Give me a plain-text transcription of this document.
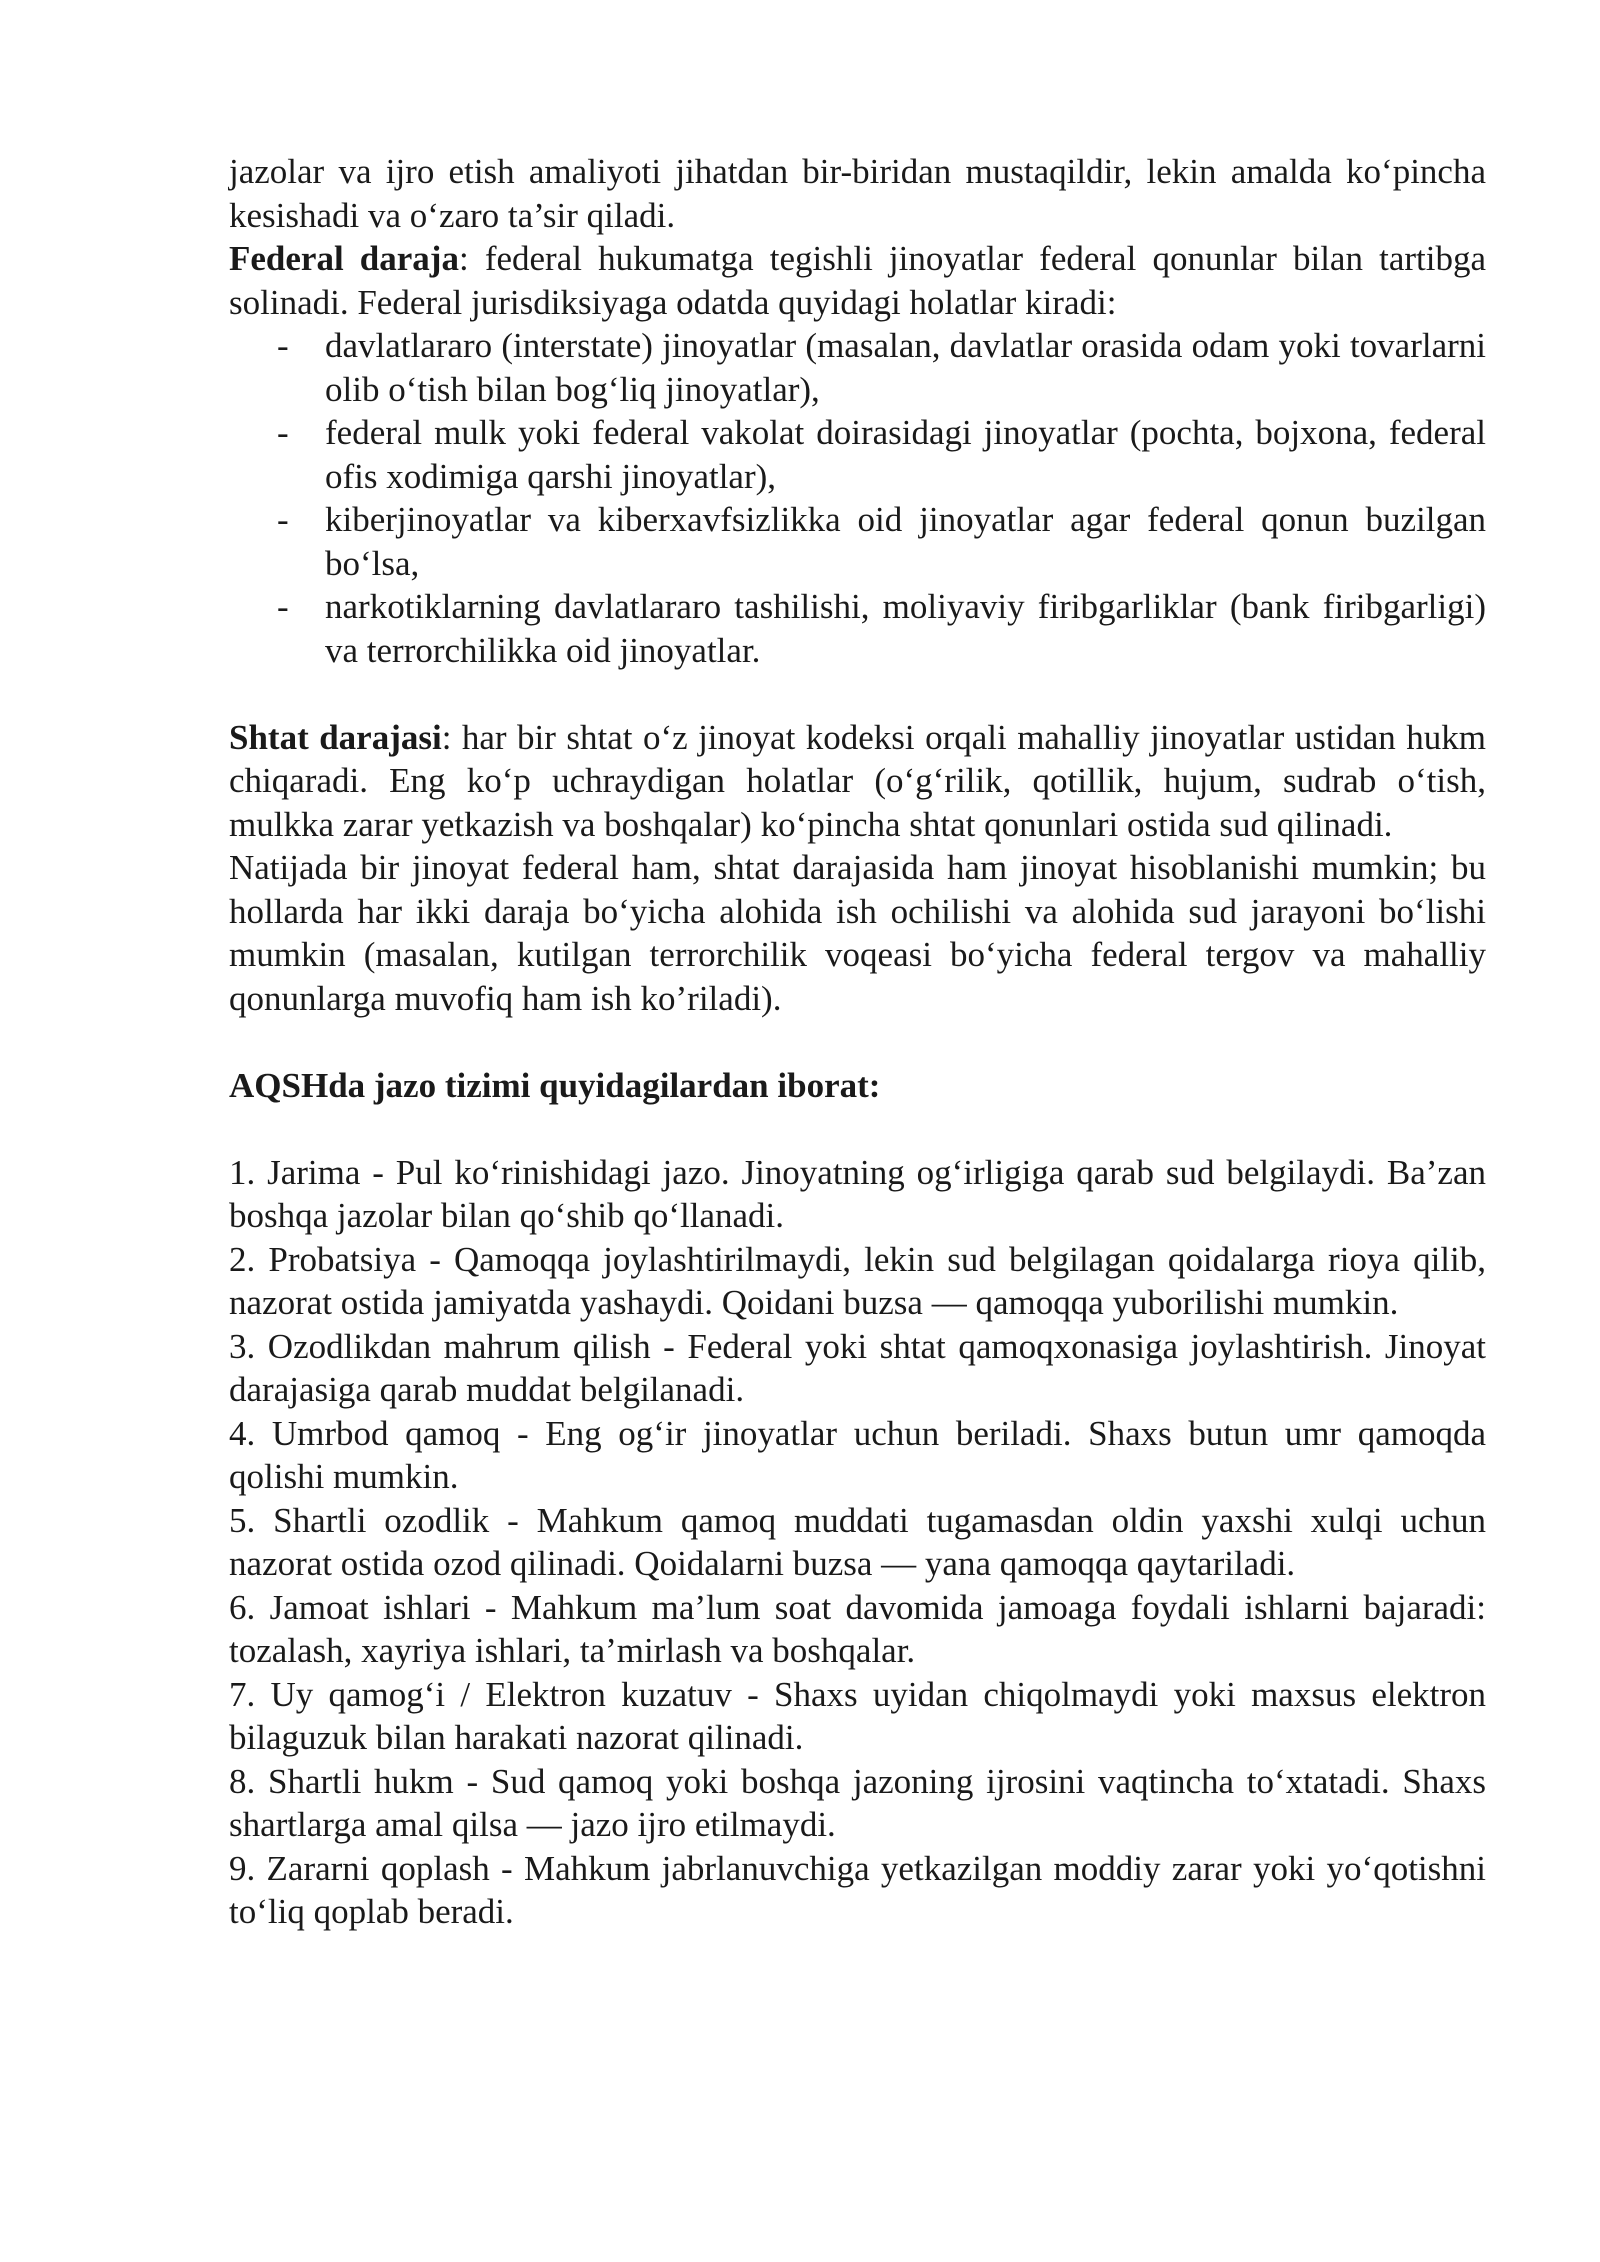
jazolar va ijro etish amaliyoti jihatdan bir-biridan mustaqildir, lekin amalda ko‘pincha kesishadi va o‘zaro ta’sir qiladi.

Federal daraja: federal hukumatga tegishli jinoyatlar federal qonunlar bilan tartibga solinadi. Federal jurisdiksiyaga odatda quyidagi holatlar kiradi:

- davlatlararo (interstate) jinoyatlar (masalan, davlatlar orasida odam yoki tovarlarni olib o‘tish bilan bog‘liq jinoyatlar),
- federal mulk yoki federal vakolat doirasidagi jinoyatlar (pochta, bojxona, federal ofis xodimiga qarshi jinoyatlar),
- kiberjinoyatlar va kiberxavfsizlikka oid jinoyatlar agar federal qonun buzilgan bo‘lsa,
- narkotiklarning davlatlararo tashilishi, moliyaviy firibgarliklar (bank firibgarligi) va terrorchilikka oid jinoyatlar.

Shtat darajasi: har bir shtat o‘z jinoyat kodeksi orqali mahalliy jinoyatlar ustidan hukm chiqaradi. Eng ko‘p uchraydigan holatlar (o‘g‘rilik, qotillik, hujum, sudrab o‘tish, mulkka zarar yetkazish va boshqalar) ko‘pincha shtat qonunlari ostida sud qilinadi.

Natijada bir jinoyat federal ham, shtat darajasida ham jinoyat hisoblanishi mumkin; bu hollarda har ikki daraja bo‘yicha alohida ish ochilishi va alohida sud jarayoni bo‘lishi mumkin (masalan, kutilgan terrorchilik voqeasi bo‘yicha federal tergov va mahalliy qonunlarga muvofiq ham ish ko’riladi).

AQSHda jazo tizimi quyidagilardan iborat:

1. Jarima - Pul ko‘rinishidagi jazo. Jinoyatning og‘irligiga qarab sud belgilaydi. Ba’zan boshqa jazolar bilan qo‘shib qo‘llanadi.

2. Probatsiya - Qamoqqa joylashtirilmaydi, lekin sud belgilagan qoidalarga rioya qilib, nazorat ostida jamiyatda yashaydi. Qoidani buzsa — qamoqqa yuborilishi mumkin.

3. Ozodlikdan mahrum qilish - Federal yoki shtat qamoqxonasiga joylashtirish. Jinoyat darajasiga qarab muddat belgilanadi.

4. Umrbod qamoq - Eng og‘ir jinoyatlar uchun beriladi. Shaxs butun umr qamoqda qolishi mumkin.

5. Shartli ozodlik - Mahkum qamoq muddati tugamasdan oldin yaxshi xulqi uchun nazorat ostida ozod qilinadi. Qoidalarni buzsa — yana qamoqqa qaytariladi.

6. Jamoat ishlari - Mahkum ma’lum soat davomida jamoaga foydali ishlarni bajaradi: tozalash, xayriya ishlari, ta’mirlash va boshqalar.

7. Uy qamog‘i / Elektron kuzatuv - Shaxs uyidan chiqolmaydi yoki maxsus elektron bilaguzuk bilan harakati nazorat qilinadi.

8. Shartli hukm - Sud qamoq yoki boshqa jazoning ijrosini vaqtincha to‘xtatadi. Shaxs shartlarga amal qilsa — jazo ijro etilmaydi.

9. Zararni qoplash - Mahkum jabrlanuvchiga yetkazilgan moddiy zarar yoki yo‘qotishni to‘liq qoplab beradi.
